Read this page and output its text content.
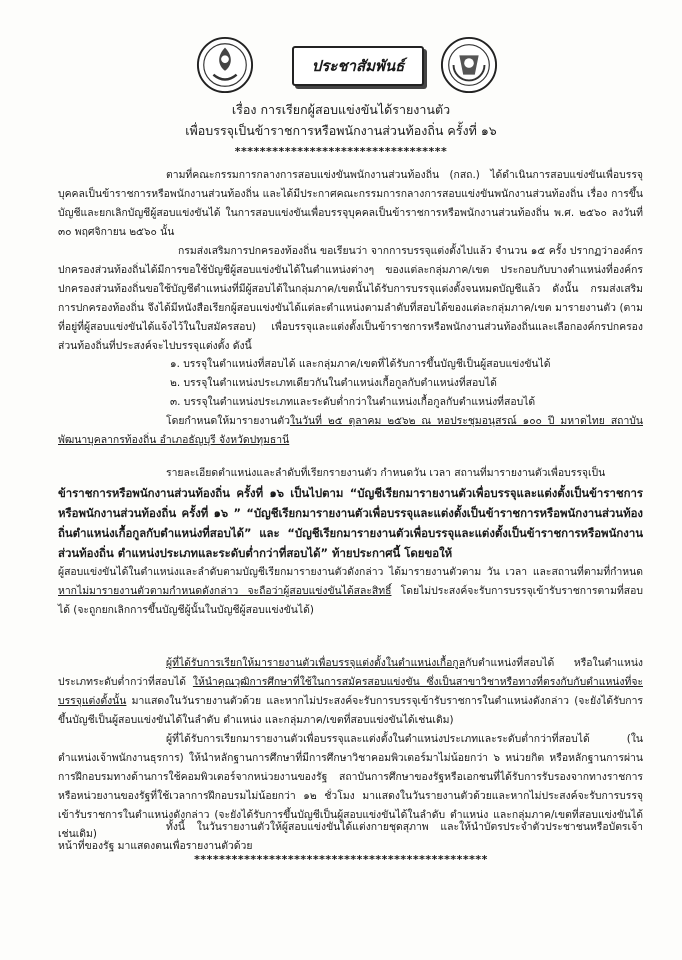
ประชาสัมพันธ์
เรื่อง การเรียกผู้สอบแข่งขันได้รายงานตัว
เพื่อบรรจุเป็นข้าราชการหรือพนักงานส่วนท้องถิ่น ครั้งที่ ๑๖
**********************************

ตามที่คณะกรรมการกลางการสอบแข่งขันพนักงานส่วนท้องถิ่น (กสถ.) ได้ดำเนินการสอบแข่งขันเพื่อบรรจุบุคคลเป็นข้าราชการหรือพนักงานส่วนท้องถิ่น และได้มีประกาศคณะกรรมการกลางการสอบแข่งขันพนักงานส่วนท้องถิ่น เรื่อง การขึ้นบัญชีและยกเลิกบัญชีผู้สอบแข่งขันได้ ในการสอบแข่งขันเพื่อบรรจุบุคคลเป็นข้าราชการหรือพนักงานส่วนท้องถิ่น พ.ศ. ๒๕๖๐ ลงวันที่ ๓๐ พฤศจิกายน ๒๕๖๐ นั้น

กรมส่งเสริมการปกครองท้องถิ่น ขอเรียนว่า จากการบรรจุแต่งตั้งไปแล้ว จำนวน ๑๕ ครั้ง ปรากฏว่าองค์กรปกครองส่วนท้องถิ่นได้มีการขอใช้บัญชีผู้สอบแข่งขันได้ในตำแหน่งต่างๆ ของแต่ละกลุ่มภาค/เขต ประกอบกับบางตำแหน่งที่องค์กรปกครองส่วนท้องถิ่นขอใช้บัญชีตำแหน่งที่มีผู้สอบได้ในกลุ่มภาค/เขตนั้นได้รับการบรรจุแต่งตั้งจนหมดบัญชีแล้ว ดังนั้น กรมส่งเสริมการปกครองท้องถิ่น จึงได้มีหนังสือเรียกผู้สอบแข่งขันได้แต่ละตำแหน่งตามลำดับที่สอบได้ของแต่ละกลุ่มภาค/เขต มารายงานตัว (ตามที่อยู่ที่ผู้สอบแข่งขันได้แจ้งไว้ในใบสมัครสอบ) เพื่อบรรจุและแต่งตั้งเป็นข้าราชการหรือพนักงานส่วนท้องถิ่นและเลือกองค์กรปกครองส่วนท้องถิ่นที่ประสงค์จะไปบรรจุแต่งตั้ง ดังนี้

๑. บรรจุในตำแหน่งที่สอบได้ และกลุ่มภาค/เขตที่ได้รับการขึ้นบัญชีเป็นผู้สอบแข่งขันได้

๒. บรรจุในตำแหน่งประเภทเดียวกันในตำแหน่งเกื้อกูลกับตำแหน่งที่สอบได้

๓. บรรจุในตำแหน่งประเภทและระดับต่ำกว่าในตำแหน่งเกื้อกูลกับตำแหน่งที่สอบได้

โดยกำหนดให้มารายงานตัวในวันที่ ๒๕ ตุลาคม ๒๕๖๒ ณ หอประชุมอนุสรณ์ ๑๐๐ ปี มหาดไทย สถาบันพัฒนาบุคลากรท้องถิ่น อำเภอธัญบุรี จังหวัดปทุมธานี

รายละเอียดตำแหน่งและลำดับที่เรียกรายงานตัว กำหนดวัน เวลา สถานที่มารายงานตัวเพื่อบรรจุเป็น

ข้าราชการหรือพนักงานส่วนท้องถิ่น ครั้งที่ ๑๖ เป็นไปตาม “บัญชีเรียกมารายงานตัวเพื่อบรรจุและแต่งตั้งเป็นข้าราชการหรือพนักงานส่วนท้องถิ่น ครั้งที่ ๑๖ ” “บัญชีเรียกมารายงานตัวเพื่อบรรจุและแต่งตั้งเป็นข้าราชการหรือพนักงานส่วนท้องถิ่นตำแหน่งเกื้อกูลกับตำแหน่งที่สอบได้” และ “บัญชีเรียกมารายงานตัวเพื่อบรรจุและแต่งตั้งเป็นข้าราชการหรือพนักงานส่วนท้องถิ่น ตำแหน่งประเภทและระดับต่ำกว่าที่สอบได้” ท้ายประกาศนี้ โดยขอให้

ผู้สอบแข่งขันได้ในตำแหน่งและลำดับตามบัญชีเรียกมารายงานตัวดังกล่าว ได้มารายงานตัวตาม วัน เวลา และสถานที่ตามที่กำหนด หากไม่มารายงานตัวตามกำหนดดังกล่าว จะถือว่าผู้สอบแข่งขันได้สละสิทธิ์ โดยไม่ประสงค์จะรับการบรรจุเข้ารับราชการตามที่สอบได้ (จะถูกยกเลิกการขึ้นบัญชีผู้นั้นในบัญชีผู้สอบแข่งขันได้)

ผู้ที่ได้รับการเรียกให้มารายงานตัวเพื่อบรรจุแต่งตั้งในตำแหน่งเกื้อกูลกับตำแหน่งที่สอบได้ หรือในตำแหน่งประเภทระดับต่ำกว่าที่สอบได้ ให้นำคุณวุฒิการศึกษาที่ใช้ในการสมัครสอบแข่งขัน ซึ่งเป็นสาขาวิชาหรือทางที่ตรงกับกับตำแหน่งที่จะบรรจุแต่งตั้งนั้น มาแสดงในวันรายงานตัวด้วย และหากไม่ประสงค์จะรับการบรรจุเข้ารับราชการในตำแหน่งดังกล่าว (จะยังได้รับการขึ้นบัญชีเป็นผู้สอบแข่งขันได้ในลำดับ ตำแหน่ง และกลุ่มภาค/เขตที่สอบแข่งขันได้เช่นเดิม)

ผู้ที่ได้รับการเรียกมารายงานตัวเพื่อบรรจุและแต่งตั้งในตำแหน่งประเภทและระดับต่ำกว่าที่สอบได้ (ในตำแหน่งเจ้าพนักงานธุรการ) ให้นำหลักฐานการศึกษาที่มีการศึกษาวิชาคอมพิวเตอร์มาไม่น้อยกว่า ๖ หน่วยกิต หรือหลักฐานการผ่านการฝึกอบรมทางด้านการใช้คอมพิวเตอร์จากหน่วยงานของรัฐ สถาบันการศึกษาของรัฐหรือเอกชนที่ได้รับการรับรองจากทางราชการหรือหน่วยงานของรัฐที่ใช้เวลาการฝึกอบรมไม่น้อยกว่า ๑๒ ชั่วโมง มาแสดงในวันรายงานตัวด้วยและหากไม่ประสงค์จะรับการบรรจุเข้ารับราชการในตำแหน่งดังกล่าว (จะยังได้รับการขึ้นบัญชีเป็นผู้สอบแข่งขันได้ในลำดับ ตำแหน่ง และกลุ่มภาค/เขตที่สอบแข่งขันได้เช่นเดิม)

ทั้งนี้ ในวันรายงานตัวให้ผู้สอบแข่งขันได้แต่งกายชุดสุภาพ และให้นำบัตรประจำตัวประชาชนหรือบัตรเจ้าหน้าที่ของรัฐ มาแสดงตนเพื่อรายงานตัวด้วย

***********************************************
